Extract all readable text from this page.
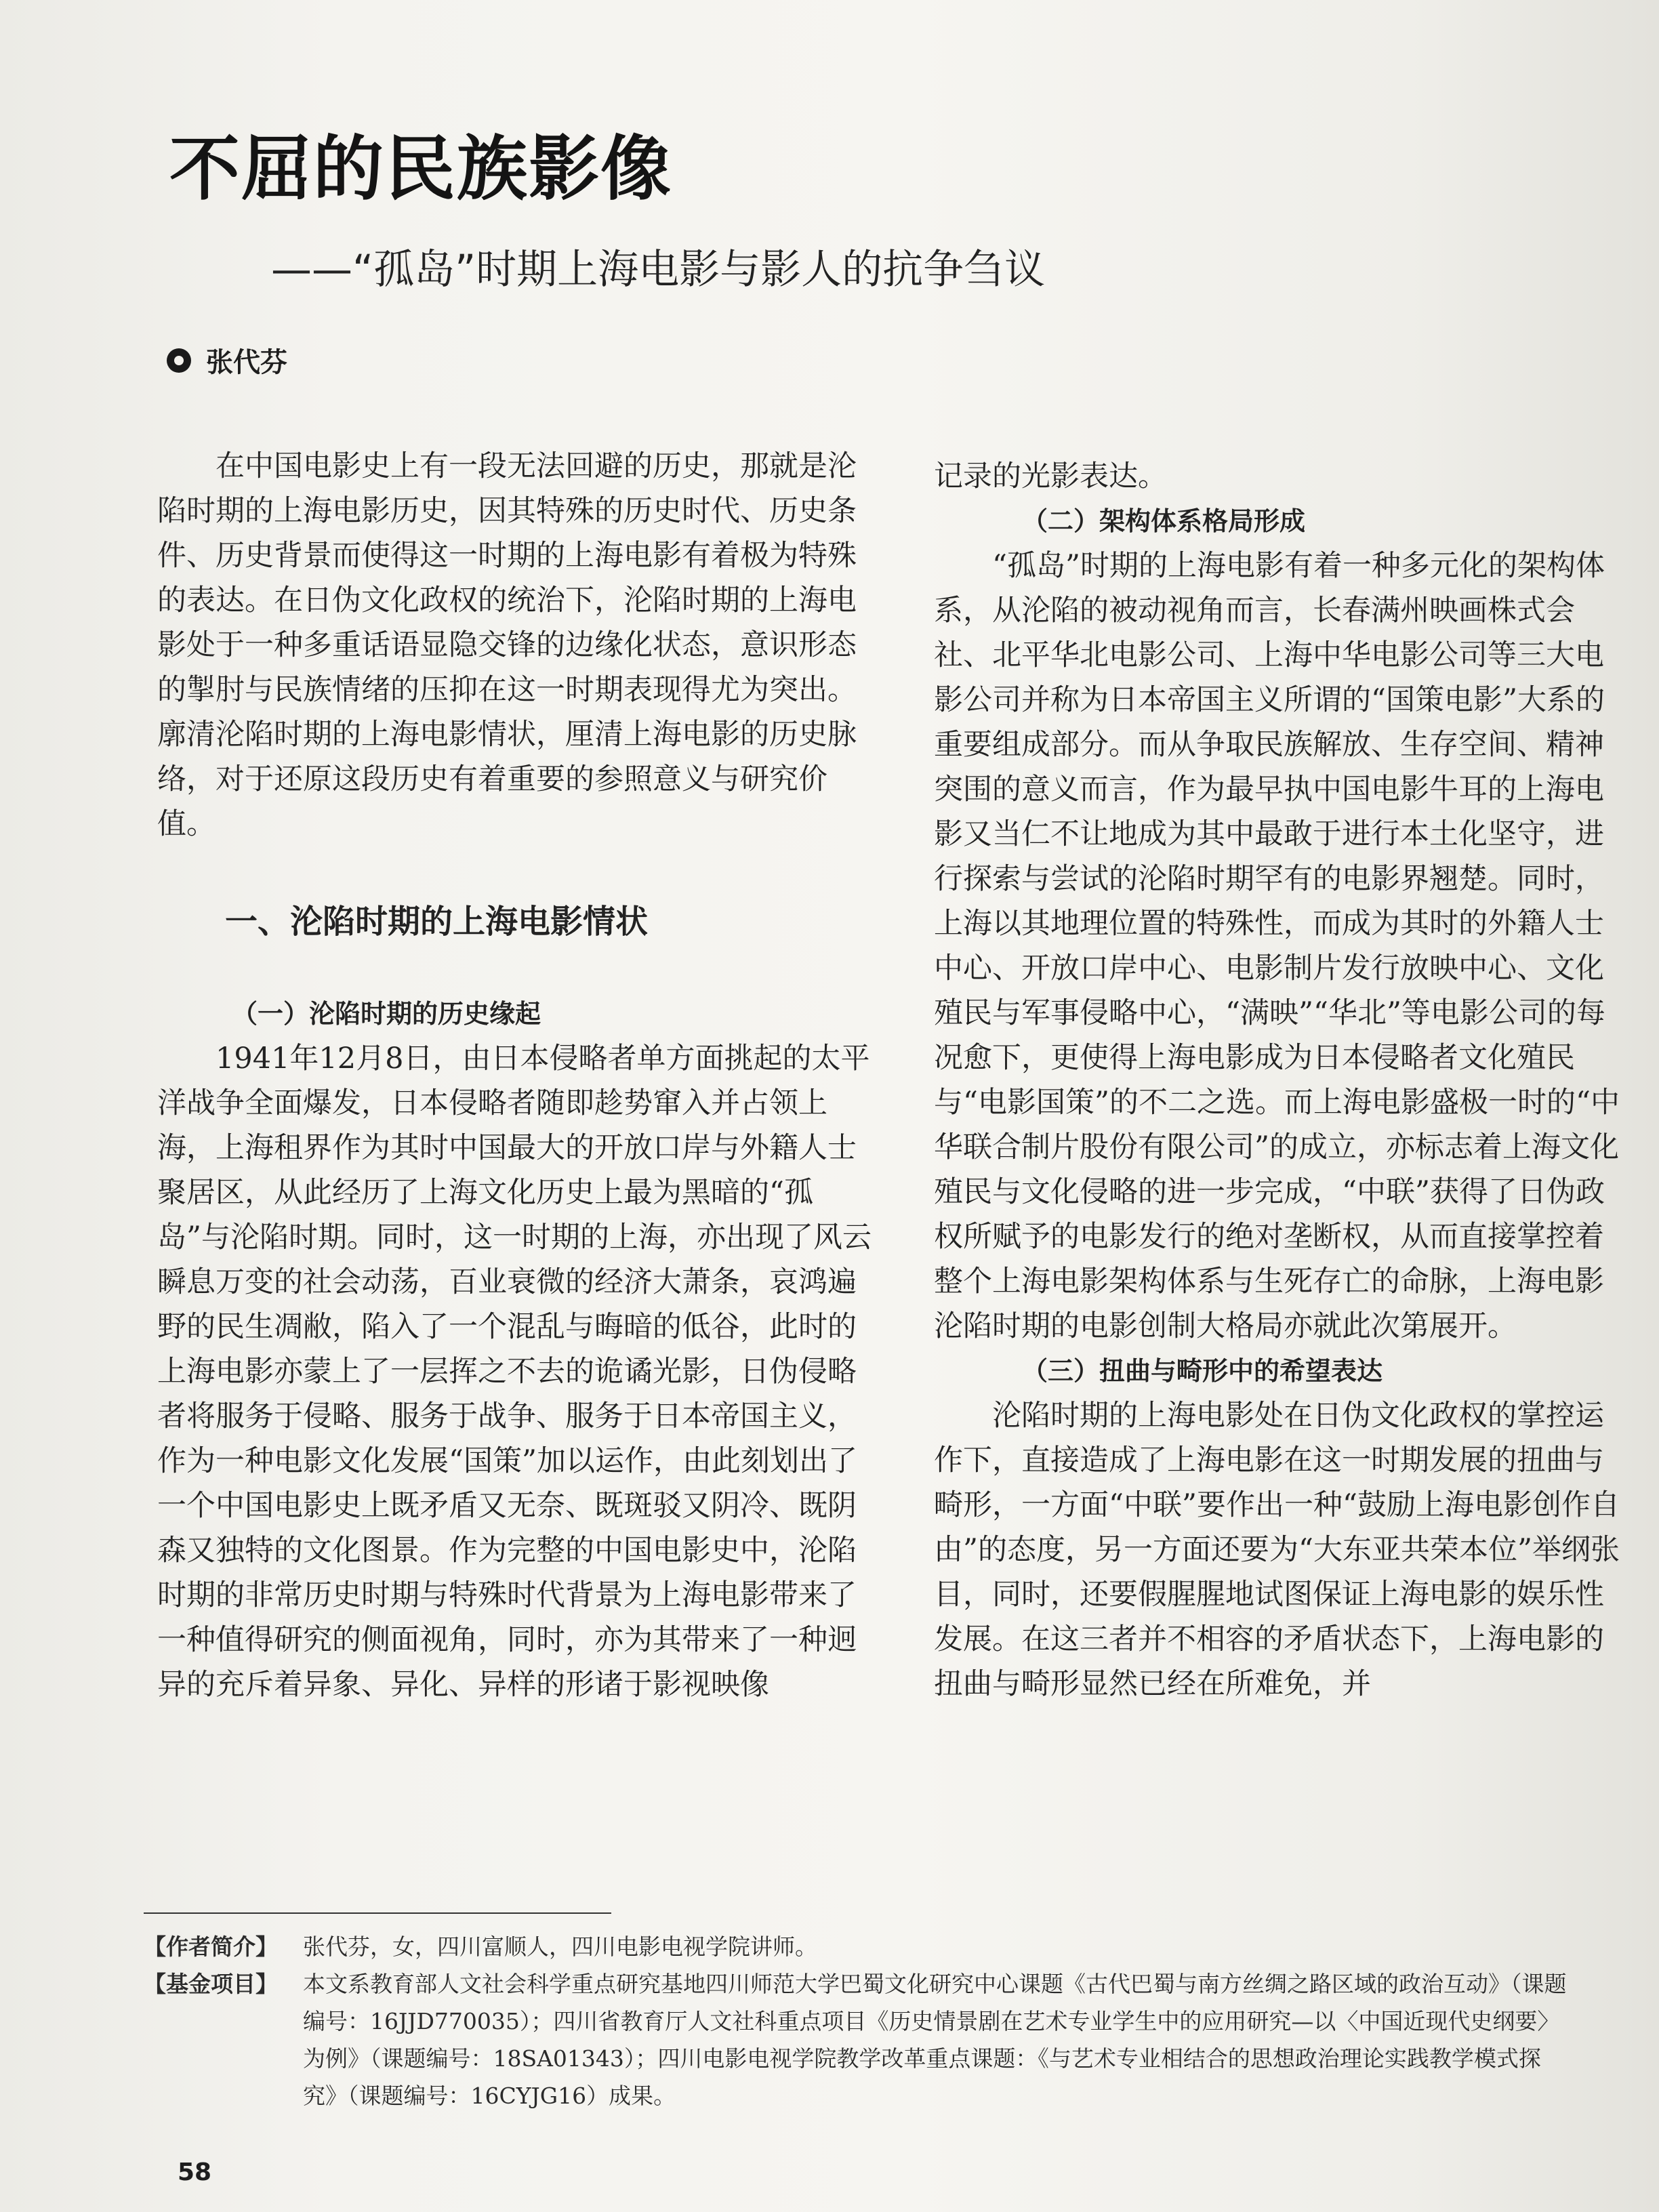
不屈的民族影像
——“孤岛”时期上海电影与影人的抗争刍议
张代芬

在中国电影史上有一段无法回避的历史，那就是沦陷时期的上海电影历史，因其特殊的历史时代、历史条件、历史背景而使得这一时期的上海电影有着极为特殊的表达。在日伪文化政权的统治下，沦陷时期的上海电影处于一种多重话语显隐交锋的边缘化状态，意识形态的掣肘与民族情绪的压抑在这一时期表现得尤为突出。廓清沦陷时期的上海电影情状，厘清上海电影的历史脉络，对于还原这段历史有着重要的参照意义与研究价值。

一、沦陷时期的上海电影情状

（一）沦陷时期的历史缘起

1941年12月8日，由日本侵略者单方面挑起的太平洋战争全面爆发，日本侵略者随即趁势窜入并占领上海，上海租界作为其时中国最大的开放口岸与外籍人士聚居区，从此经历了上海文化历史上最为黑暗的“孤岛”与沦陷时期。同时，这一时期的上海，亦出现了风云瞬息万变的社会动荡，百业衰微的经济大萧条，哀鸿遍野的民生凋敝，陷入了一个混乱与晦暗的低谷，此时的上海电影亦蒙上了一层挥之不去的诡谲光影，日伪侵略者将服务于侵略、服务于战争、服务于日本帝国主义，作为一种电影文化发展“国策”加以运作，由此刻划出了一个中国电影史上既矛盾又无奈、既斑驳又阴冷、既阴森又独特的文化图景。作为完整的中国电影史中，沦陷时期的非常历史时期与特殊时代背景为上海电影带来了一种值得研究的侧面视角，同时，亦为其带来了一种迥异的充斥着异象、异化、异样的形诸于影视映像

记录的光影表达。

（二）架构体系格局形成

“孤岛”时期的上海电影有着一种多元化的架构体系，从沦陷的被动视角而言，长春满州映画株式会社、北平华北电影公司、上海中华电影公司等三大电影公司并称为日本帝国主义所谓的“国策电影”大系的重要组成部分。而从争取民族解放、生存空间、精神突围的意义而言，作为最早执中国电影牛耳的上海电影又当仁不让地成为其中最敢于进行本土化坚守，进行探索与尝试的沦陷时期罕有的电影界翘楚。同时，上海以其地理位置的特殊性，而成为其时的外籍人士中心、开放口岸中心、电影制片发行放映中心、文化殖民与军事侵略中心，“满映”“华北”等电影公司的每况愈下，更使得上海电影成为日本侵略者文化殖民与“电影国策”的不二之选。而上海电影盛极一时的“中华联合制片股份有限公司”的成立，亦标志着上海文化殖民与文化侵略的进一步完成，“中联”获得了日伪政权所赋予的电影发行的绝对垄断权，从而直接掌控着整个上海电影架构体系与生死存亡的命脉，上海电影沦陷时期的电影创制大格局亦就此次第展开。

（三）扭曲与畸形中的希望表达

沦陷时期的上海电影处在日伪文化政权的掌控运作下，直接造成了上海电影在这一时期发展的扭曲与畸形，一方面“中联”要作出一种“鼓励上海电影创作自由”的态度，另一方面还要为“大东亚共荣本位”举纲张目，同时，还要假腥腥地试图保证上海电影的娱乐性发展。在这三者并不相容的矛盾状态下，上海电影的扭曲与畸形显然已经在所难免，并

【作者简介】	张代芬，女，四川富顺人，四川电影电视学院讲师。
【基金项目】	本文系教育部人文社会科学重点研究基地四川师范大学巴蜀文化研究中心课题《古代巴蜀与南方丝绸之路区域的政治互动》（课题编号：16JJD770035）；四川省教育厅人文社科重点项目《历史情景剧在艺术专业学生中的应用研究—以〈中国近现代史纲要〉为例》（课题编号：18SA01343）；四川电影电视学院教学改革重点课题：《与艺术专业相结合的思想政治理论实践教学模式探究》（课题编号：16CYJG16）成果。
58
